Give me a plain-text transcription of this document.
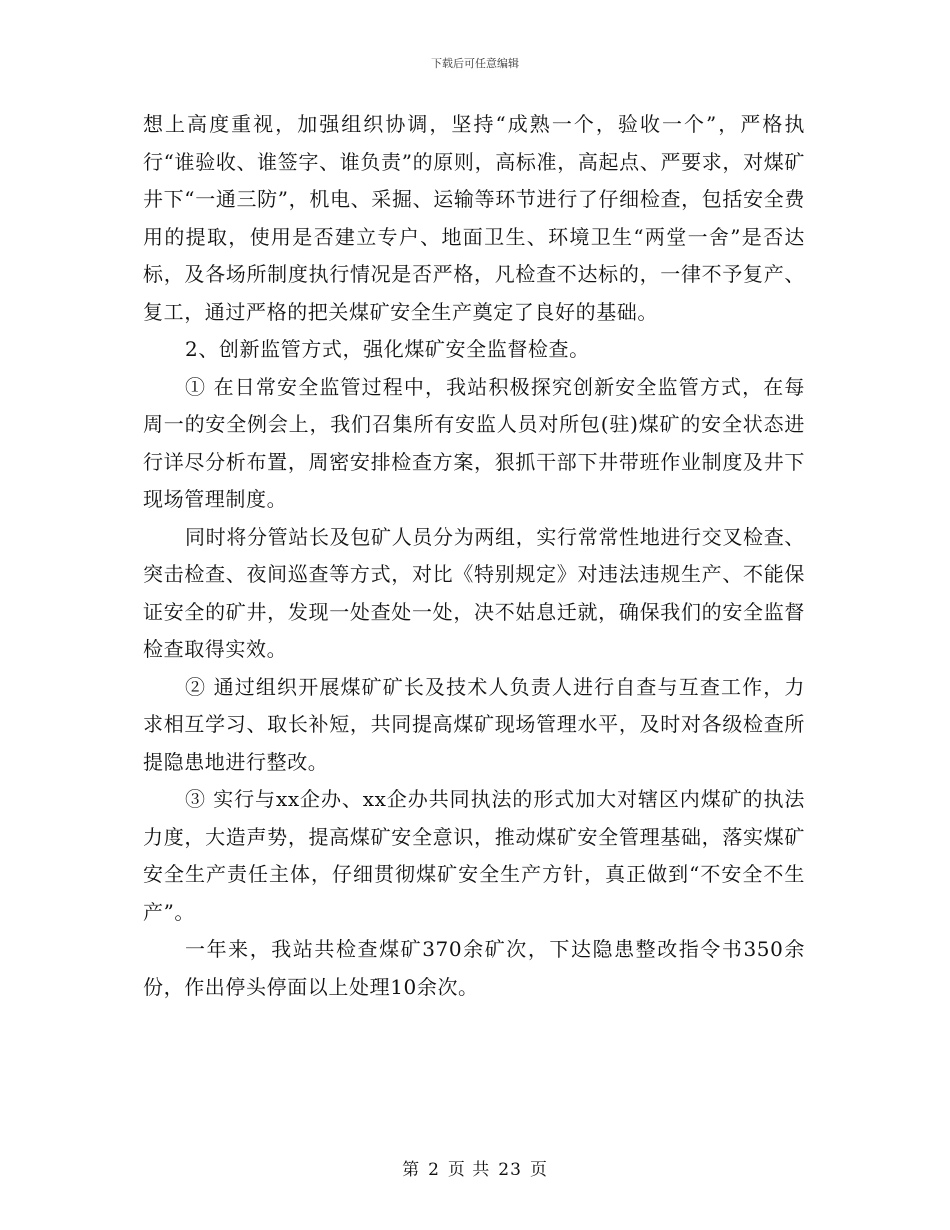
下载后可任意编辑

想上高度重视，加强组织协调，坚持“成熟一个，验收一个”，严格执行“谁验收、谁签字、谁负责”的原则，高标准，高起点、严要求，对煤矿井下“一通三防”，机电、采掘、运输等环节进行了仔细检查，包括安全费用的提取，使用是否建立专户、地面卫生、环境卫生“两堂一舍”是否达标，及各场所制度执行情况是否严格，凡检查不达标的，一律不予复产、复工，通过严格的把关煤矿安全生产奠定了良好的基础。

2、创新监管方式，强化煤矿安全监督检查。

① 在日常安全监管过程中，我站积极探究创新安全监管方式，在每周一的安全例会上，我们召集所有安监人员对所包(驻)煤矿的安全状态进行详尽分析布置，周密安排检查方案，狠抓干部下井带班作业制度及井下现场管理制度。

同时将分管站长及包矿人员分为两组，实行常常性地进行交叉检查、突击检查、夜间巡查等方式，对比《特别规定》对违法违规生产、不能保证安全的矿井，发现一处查处一处，决不姑息迁就，确保我们的安全监督检查取得实效。

② 通过组织开展煤矿矿长及技术人负责人进行自查与互查工作，力求相互学习、取长补短，共同提高煤矿现场管理水平，及时对各级检查所提隐患地进行整改。

③ 实行与xx企办、xx企办共同执法的形式加大对辖区内煤矿的执法力度，大造声势，提高煤矿安全意识，推动煤矿安全管理基础，落实煤矿安全生产责任主体，仔细贯彻煤矿安全生产方针，真正做到“不安全不生产”。

一年来，我站共检查煤矿370余矿次，下达隐患整改指令书350余份，作出停头停面以上处理10余次。

第 2 页 共 23 页
